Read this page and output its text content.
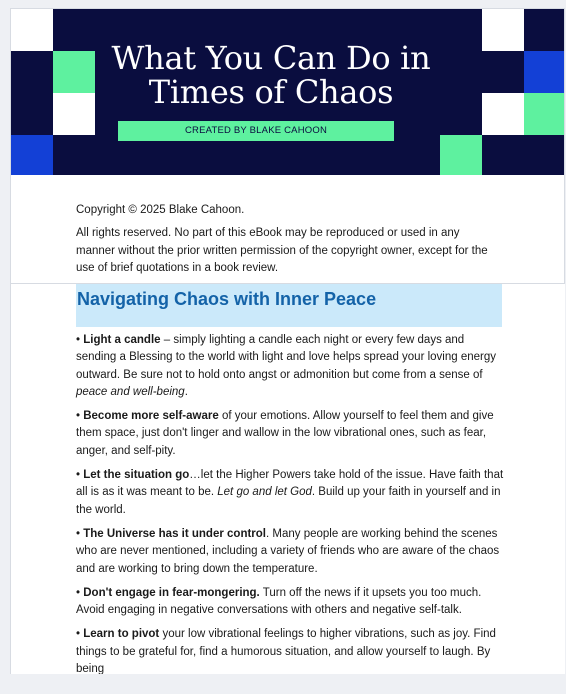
What You Can Do in
Times of Chaos
CREATED BY BLAKE CAHOON
Copyright © 2025 Blake Cahoon.
All rights reserved. No part of this eBook may be reproduced or used in any manner without the prior written permission of the copyright owner, except for the use of brief quotations in a book review.
Navigating Chaos with Inner Peace

• Light a candle – simply lighting a candle each night or every few days and sending a Blessing to the world with light and love helps spread your loving energy outward. Be sure not to hold onto angst or admonition but come from a sense of peace and well-being.

• Become more self-aware of your emotions. Allow yourself to feel them and give them space, just don't linger and wallow in the low vibrational ones, such as fear, anger, and self-pity.

• Let the situation go…let the Higher Powers take hold of the issue. Have faith that all is as it was meant to be. Let go and let God. Build up your faith in yourself and in the world.

• The Universe has it under control. Many people are working behind the scenes who are never mentioned, including a variety of friends who are aware of the chaos and are working to bring down the temperature.

• Don't engage in fear-mongering. Turn off the news if it upsets you too much. Avoid engaging in negative conversations with others and negative self-talk.

• Learn to pivot your low vibrational feelings to higher vibrations, such as joy. Find things to be grateful for, find a humorous situation, and allow yourself to laugh. By being
